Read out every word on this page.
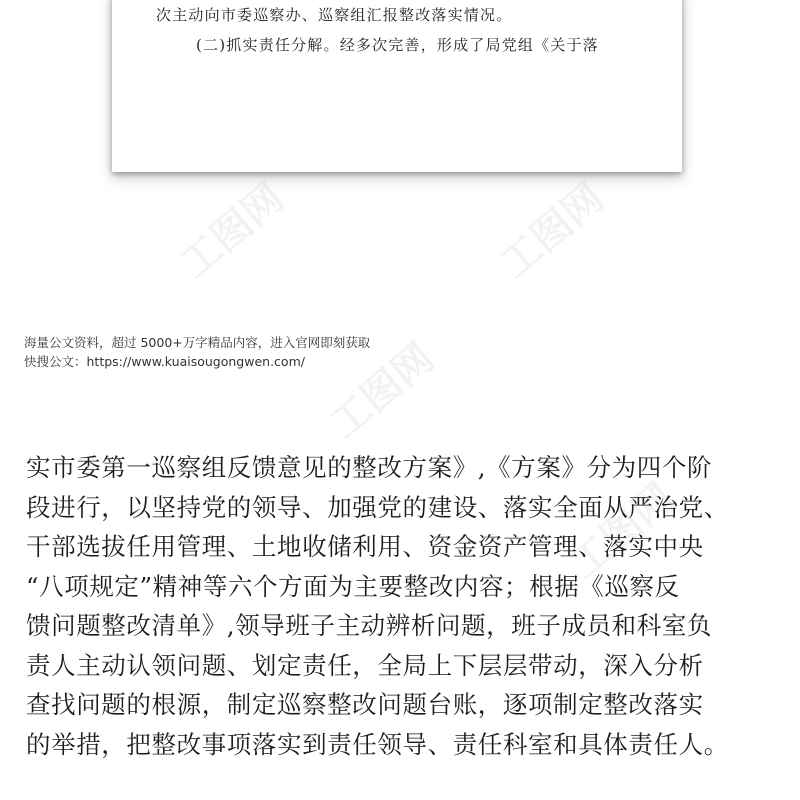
工图网	工图网
工图网
工图网
次主动向市委巡察办、巡察组汇报整改落实情况。
(二)抓实责任分解。经多次完善，形成了局党组《关于落
海量公文资料，超过 5000+万字精品内容，进入官网即刻获取
快搜公文：https://www.kuaisougongwen.com/
实市委第一巡察组反馈意见的整改方案》,《方案》分为四个阶
段进行，以坚持党的领导、加强党的建设、落实全面从严治党、
干部选拔任用管理、土地收储利用、资金资产管理、落实中央
“八项规定”精神等六个方面为主要整改内容；根据《巡察反
馈问题整改清单》,领导班子主动辨析问题，班子成员和科室负
责人主动认领问题、划定责任，全局上下层层带动，深入分析
查找问题的根源，制定巡察整改问题台账，逐项制定整改落实
的举措，把整改事项落实到责任领导、责任科室和具体责任人。
